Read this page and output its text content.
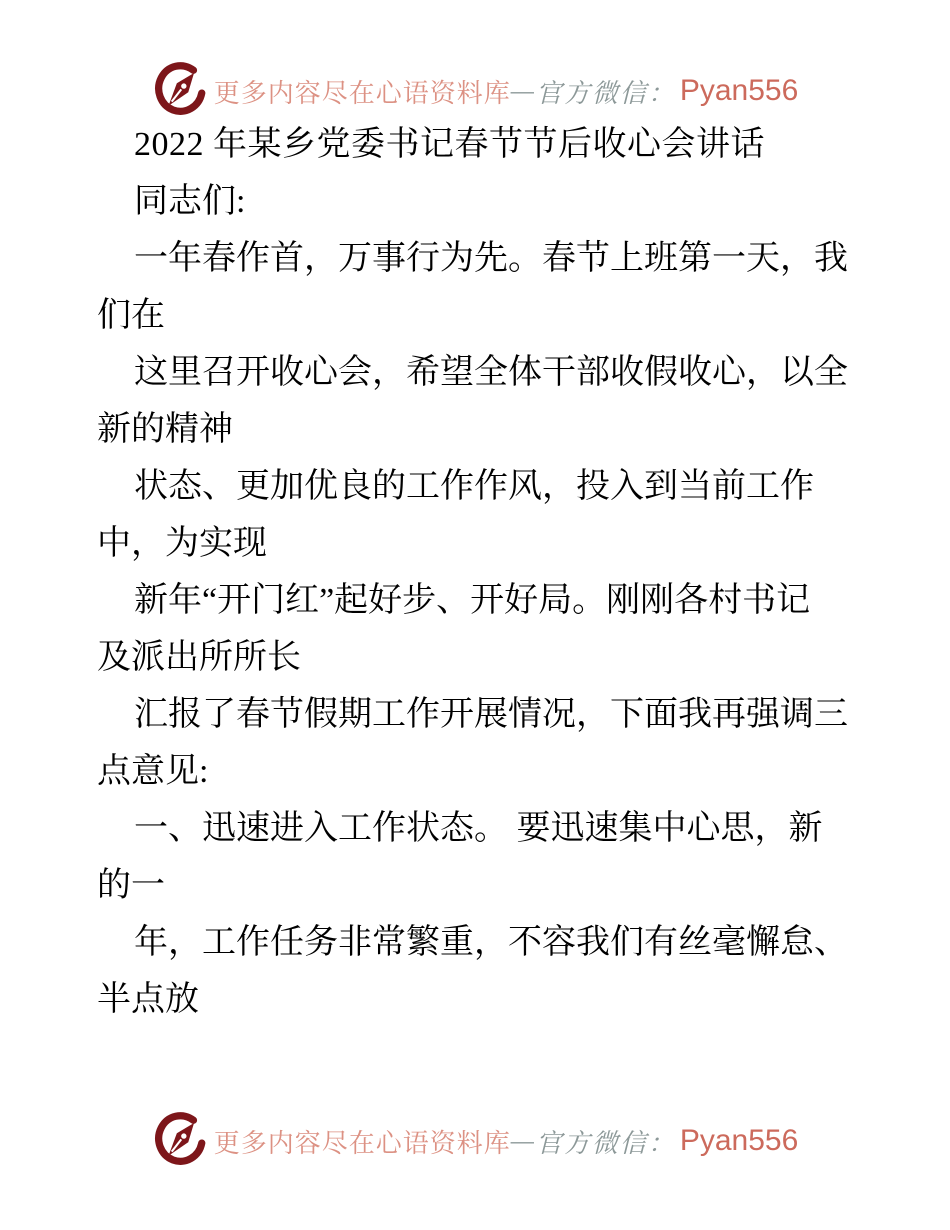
更多内容尽在心语资料库 — 官方微信： Pyan556
2022 年某乡党委书记春节节后收心会讲话
同志们:
一年春作首，万事行为先。春节上班第一天，我
们在
这里召开收心会，希望全体干部收假收心，以全
新的精神
状态、更加优良的工作作风，投入到当前工作
中，为实现
新年“开门红”起好步、开好局。刚刚各村书记
及派出所所长
汇报了春节假期工作开展情况，下面我再强调三
点意见:
一、迅速进入工作状态。 要迅速集中心思，新
的一
年，工作任务非常繁重，不容我们有丝毫懈怠、
半点放
更多内容尽在心语资料库 — 官方微信： Pyan556
